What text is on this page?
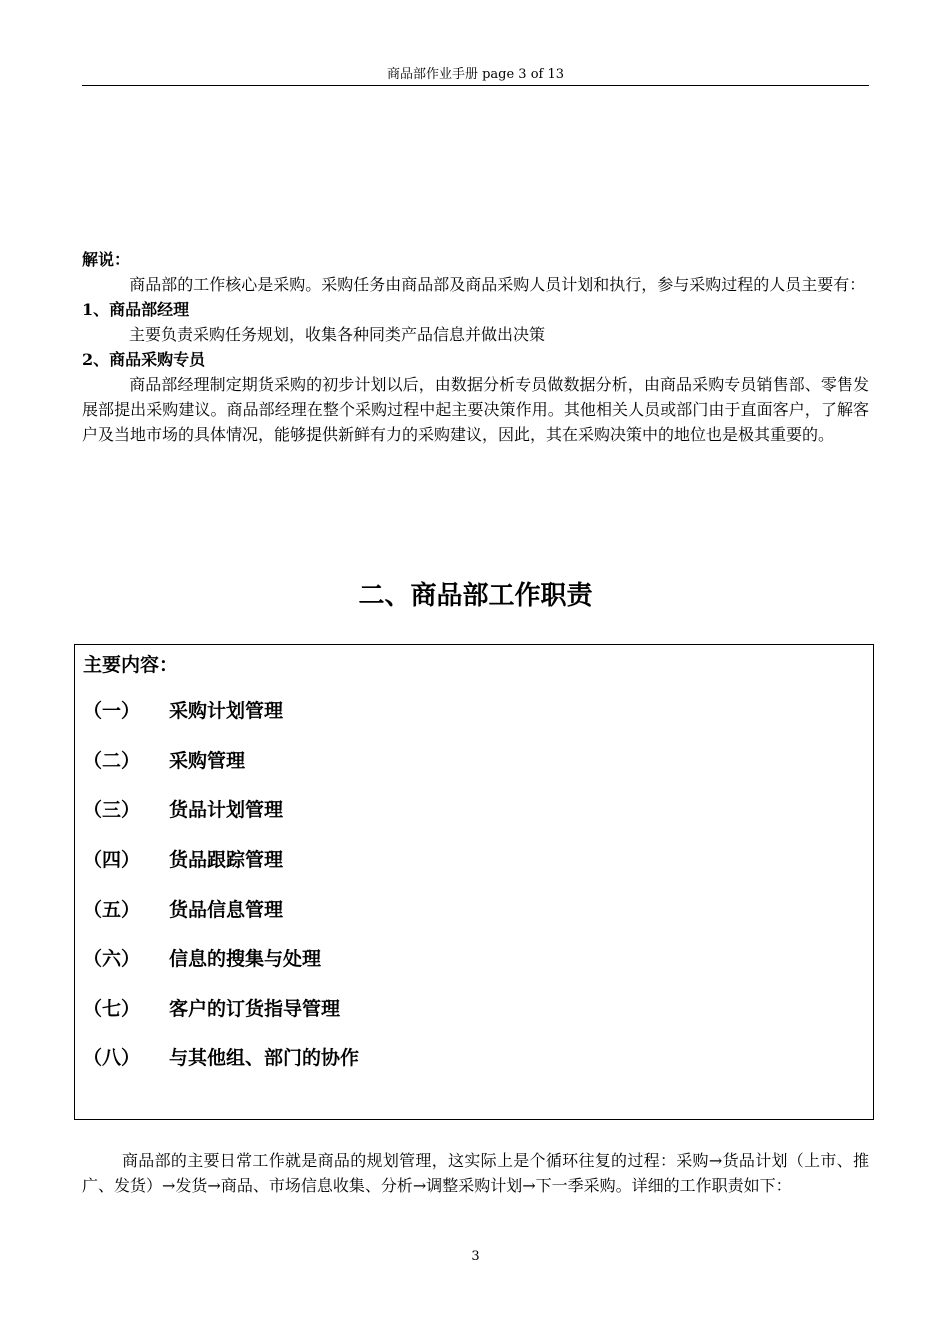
商品部作业手册 page 3 of 13

解说：

商品部的工作核心是采购。采购任务由商品部及商品采购人员计划和执行，参与采购过程的人员主要有：

1、商品部经理

主要负责采购任务规划，收集各种同类产品信息并做出决策

2、商品采购专员

商品部经理制定期货采购的初步计划以后，由数据分析专员做数据分析，由商品采购专员销售部、零售发展部提出采购建议。商品部经理在整个采购过程中起主要决策作用。其他相关人员或部门由于直面客户，了解客户及当地市场的具体情况，能够提供新鲜有力的采购建议，因此，其在采购决策中的地位也是极其重要的。

二、商品部工作职责
主要内容：
（一） 采购计划管理
（二） 采购管理
（三） 货品计划管理
（四） 货品跟踪管理
（五） 货品信息管理
（六） 信息的搜集与处理
（七） 客户的订货指导管理
（八） 与其他组、部门的协作

商品部的主要日常工作就是商品的规划管理，这实际上是个循环往复的过程：采购→货品计划（上市、推广、发货）→发货→商品、市场信息收集、分析→调整采购计划→下一季采购。详细的工作职责如下：

3
